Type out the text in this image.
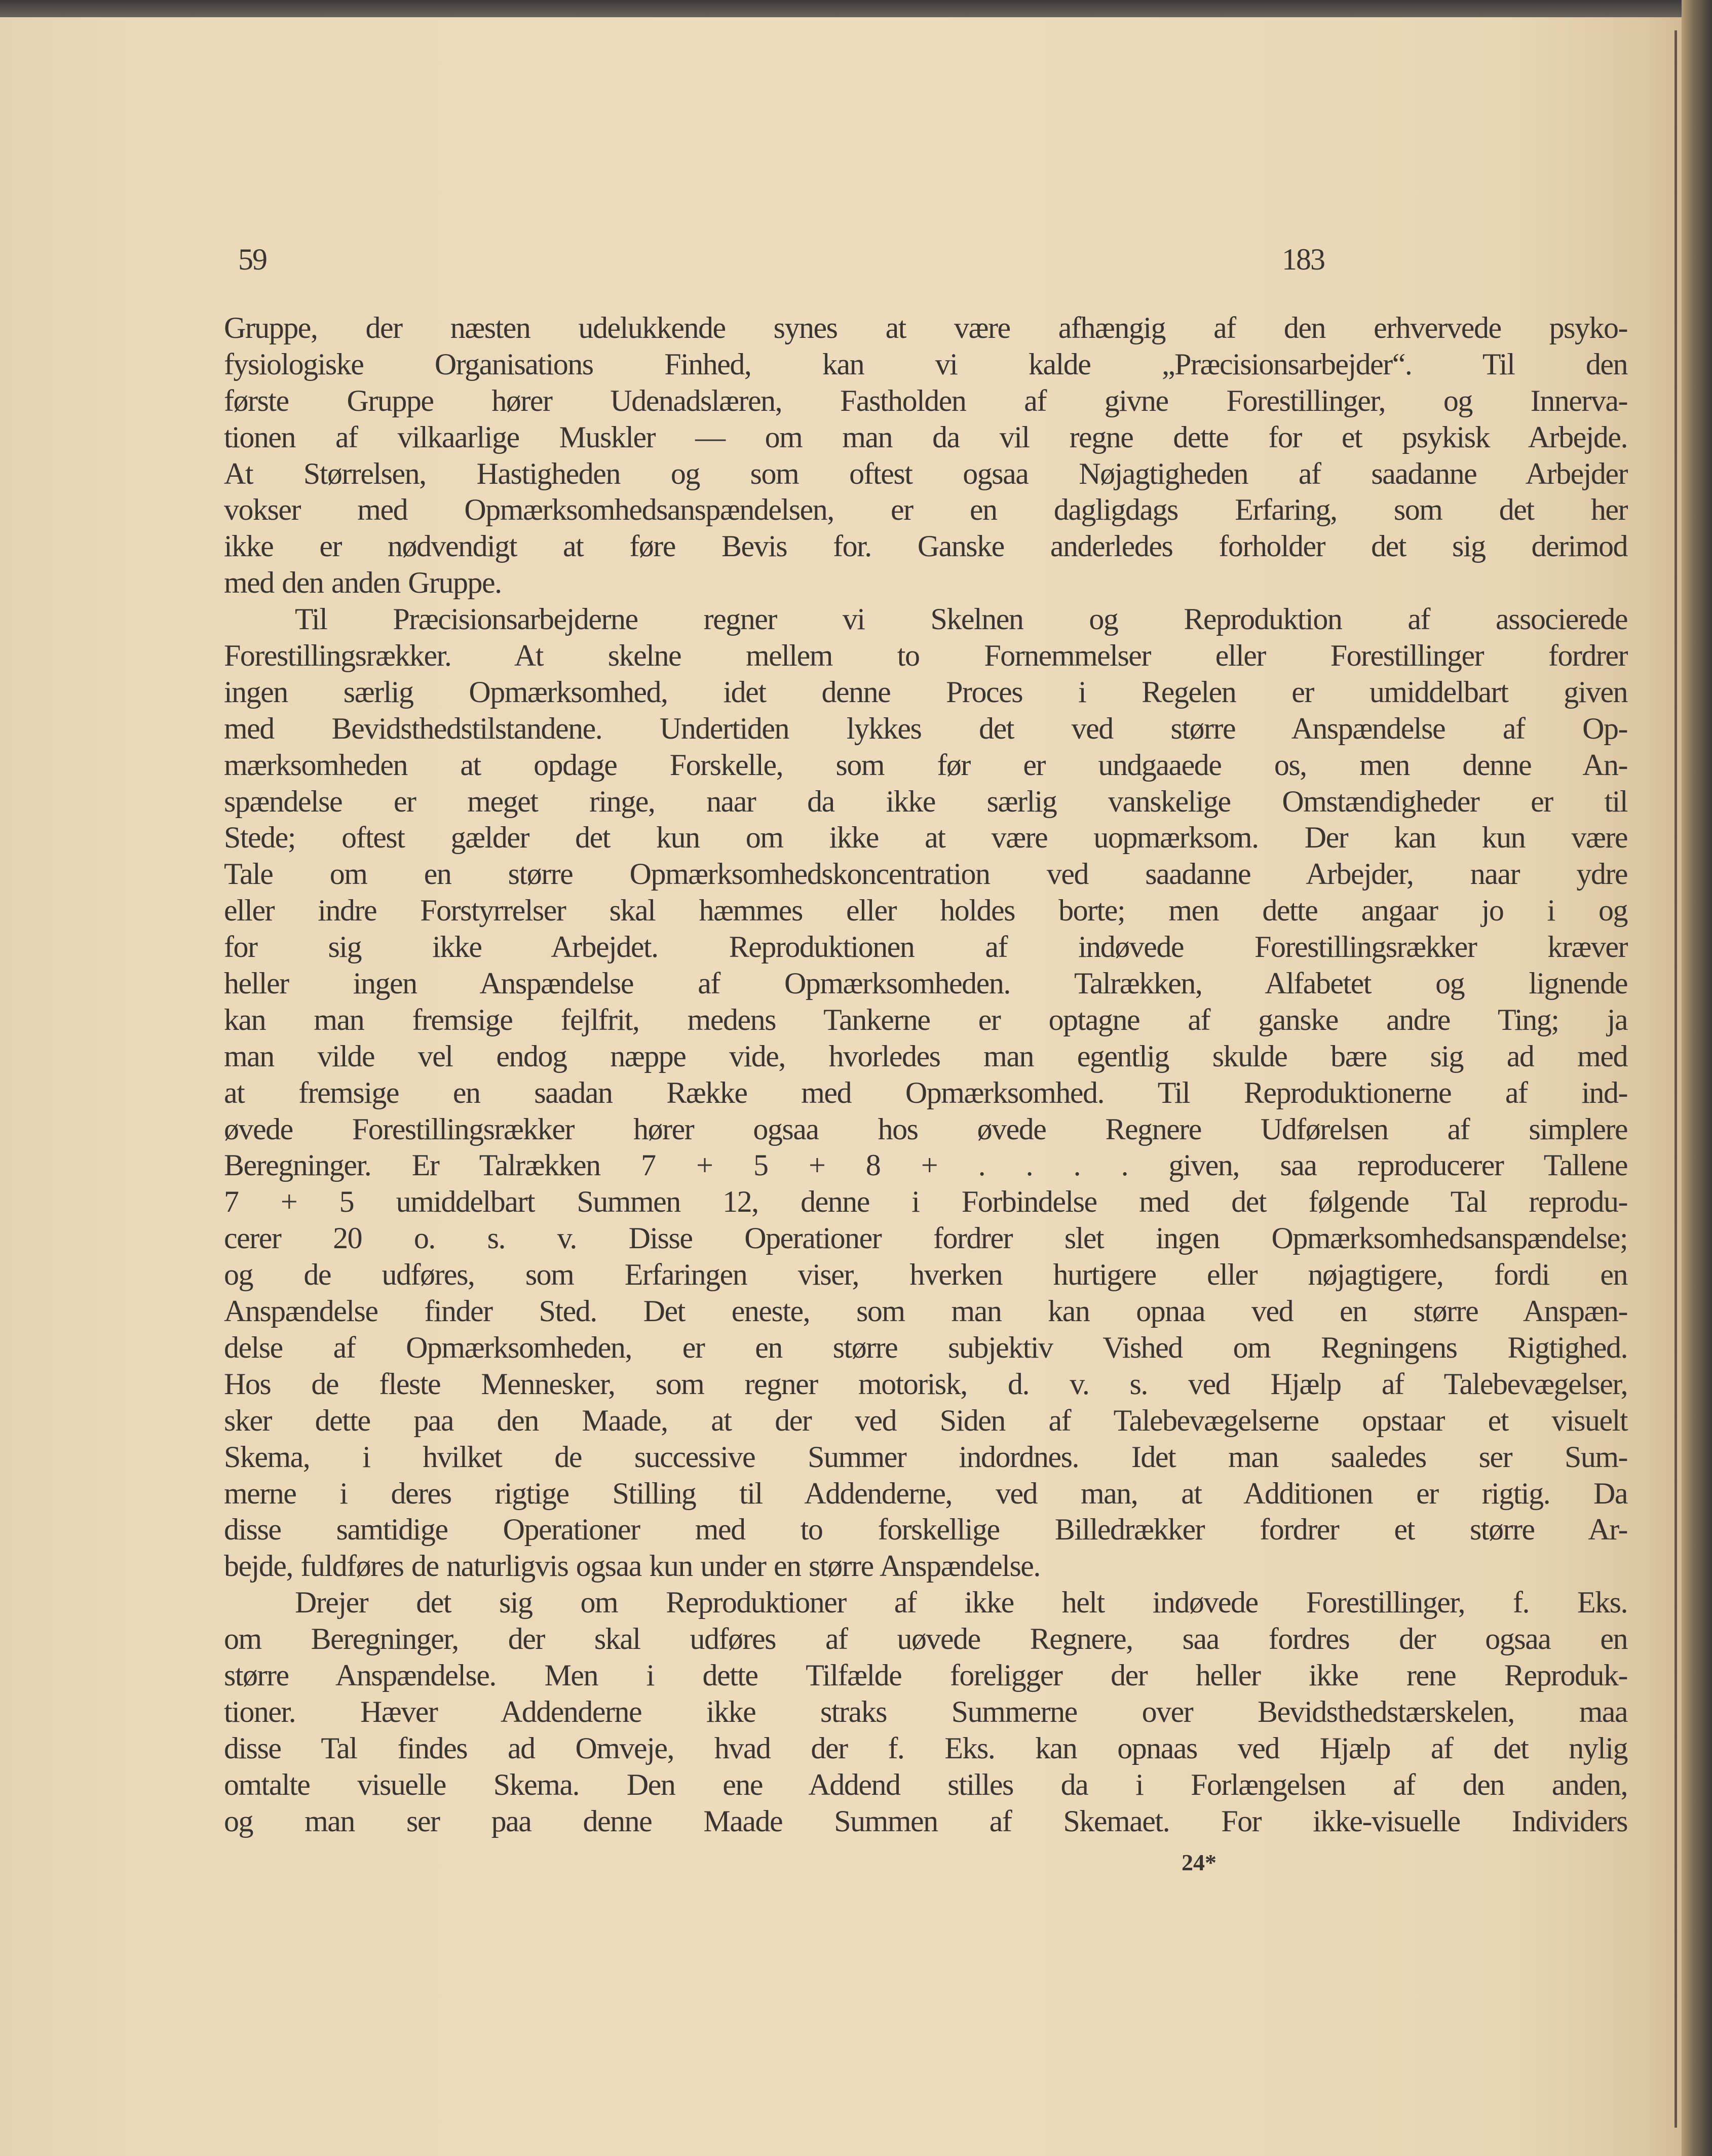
59	183
Gruppe, der næsten udelukkende synes at være afhængig af den erhvervede psyko-
fysiologiske Organisations Finhed, kan vi kalde „Præcisionsarbejder“. Til den
første Gruppe hører Udenadslæren, Fastholden af givne Forestillinger, og Innerva-
tionen af vilkaarlige Muskler — om man da vil regne dette for et psykisk Arbejde.
At Størrelsen, Hastigheden og som oftest ogsaa Nøjagtigheden af saadanne Arbejder
vokser med Opmærksomhedsanspændelsen, er en dagligdags Erfaring, som det her
ikke er nødvendigt at føre Bevis for. Ganske anderledes forholder det sig derimod
med den anden Gruppe.
Til Præcisionsarbejderne regner vi Skelnen og Reproduktion af associerede
Forestillingsrækker. At skelne mellem to Fornemmelser eller Forestillinger fordrer
ingen særlig Opmærksomhed, idet denne Proces i Regelen er umiddelbart given
med Bevidsthedstilstandene. Undertiden lykkes det ved større Anspændelse af Op-
mærksomheden at opdage Forskelle, som før er undgaaede os, men denne An-
spændelse er meget ringe, naar da ikke særlig vanskelige Omstændigheder er til
Stede; oftest gælder det kun om ikke at være uopmærksom. Der kan kun være
Tale om en større Opmærksomhedskoncentration ved saadanne Arbejder, naar ydre
eller indre Forstyrrelser skal hæmmes eller holdes borte; men dette angaar jo i og
for sig ikke Arbejdet. Reproduktionen af indøvede Forestillingsrækker kræver
heller ingen Anspændelse af Opmærksomheden. Talrækken, Alfabetet og lignende
kan man fremsige fejlfrit, medens Tankerne er optagne af ganske andre Ting; ja
man vilde vel endog næppe vide, hvorledes man egentlig skulde bære sig ad med
at fremsige en saadan Række med Opmærksomhed. Til Reproduktionerne af ind-
øvede Forestillingsrækker hører ogsaa hos øvede Regnere Udførelsen af simplere
Beregninger. Er Talrækken 7 + 5 + 8 + . . . . given, saa reproducerer Tallene
7 + 5 umiddelbart Summen 12, denne i Forbindelse med det følgende Tal reprodu-
cerer 20 o. s. v. Disse Operationer fordrer slet ingen Opmærksomhedsanspændelse;
og de udføres, som Erfaringen viser, hverken hurtigere eller nøjagtigere, fordi en
Anspændelse finder Sted. Det eneste, som man kan opnaa ved en større Anspæn-
delse af Opmærksomheden, er en større subjektiv Vished om Regningens Rigtighed.
Hos de fleste Mennesker, som regner motorisk, d. v. s. ved Hjælp af Talebevægelser,
sker dette paa den Maade, at der ved Siden af Talebevægelserne opstaar et visuelt
Skema, i hvilket de successive Summer indordnes. Idet man saaledes ser Sum-
merne i deres rigtige Stilling til Addenderne, ved man, at Additionen er rigtig. Da
disse samtidige Operationer med to forskellige Billedrækker fordrer et større Ar-
bejde, fuldføres de naturligvis ogsaa kun under en større Anspændelse.
Drejer det sig om Reproduktioner af ikke helt indøvede Forestillinger, f. Eks.
om Beregninger, der skal udføres af uøvede Regnere, saa fordres der ogsaa en
større Anspændelse. Men i dette Tilfælde foreligger der heller ikke rene Reproduk-
tioner. Hæver Addenderne ikke straks Summerne over Bevidsthedstærskelen, maa
disse Tal findes ad Omveje, hvad der f. Eks. kan opnaas ved Hjælp af det nylig
omtalte visuelle Skema. Den ene Addend stilles da i Forlængelsen af den anden,
og man ser paa denne Maade Summen af Skemaet. For ikke-visuelle Individers
24*
